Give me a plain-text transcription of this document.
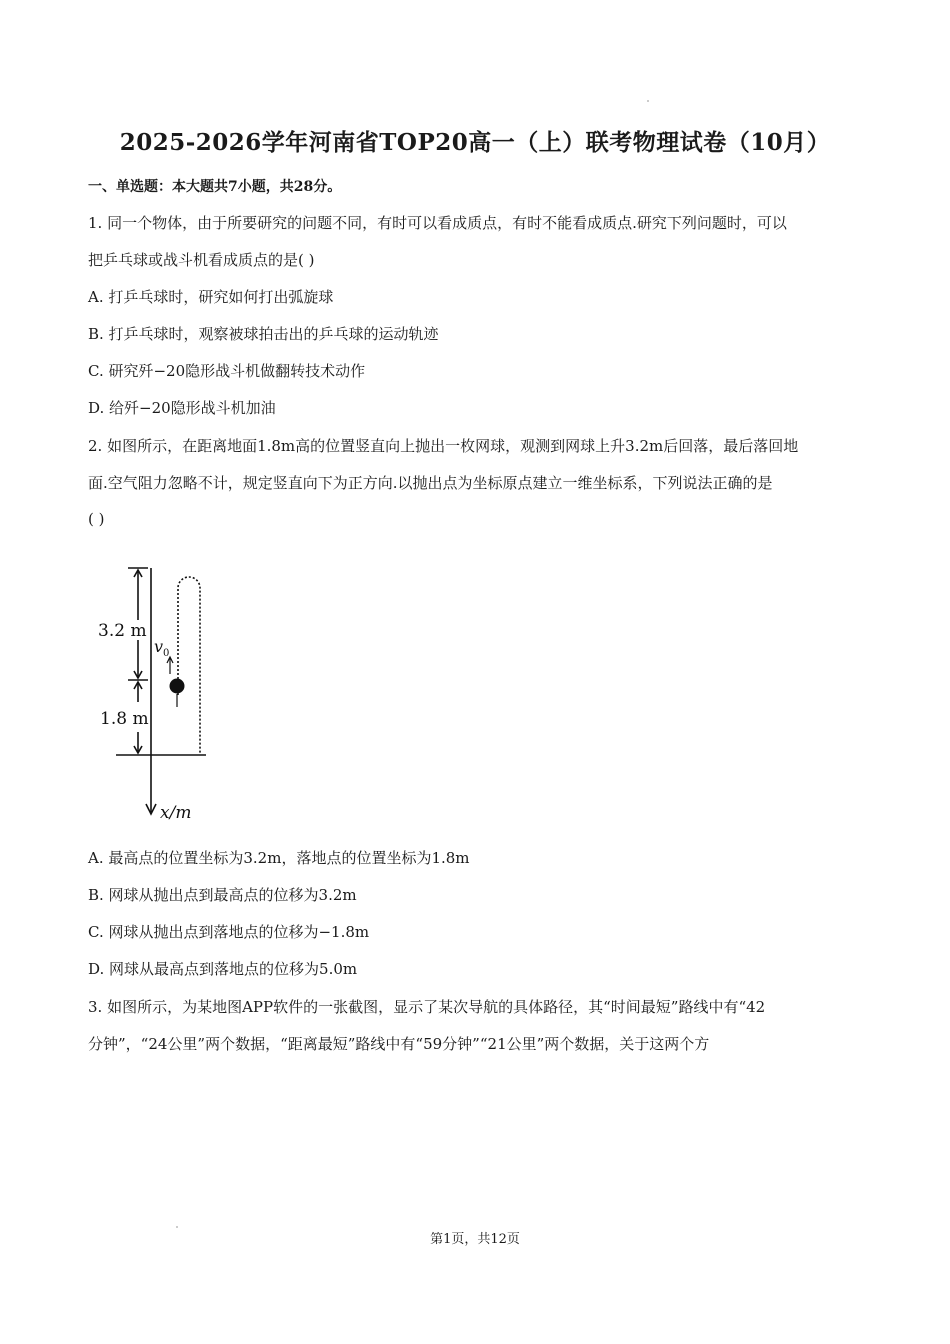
2025-2026学年河南省TOP20高一（上）联考物理试卷（10月）
一、单选题：本大题共7小题，共28分。
1. 同一个物体，由于所要研究的问题不同，有时可以看成质点，有时不能看成质点.研究下列问题时，可以
把乒乓球或战斗机看成质点的是( )
A. 打乒乓球时，研究如何打出弧旋球
B. 打乒乓球时，观察被球拍击出的乒乓球的运动轨迹
C. 研究歼−20隐形战斗机做翻转技术动作
D. 给歼−20隐形战斗机加油
2. 如图所示，在距离地面1.8m高的位置竖直向上抛出一枚网球，观测到网球上升3.2m后回落，最后落回地
面.空气阻力忽略不计，规定竖直向下为正方向.以抛出点为坐标原点建立一维坐标系，下列说法正确的是
( )
3.2 m
1.8 m
v 0
x/m
A. 最高点的位置坐标为3.2m，落地点的位置坐标为1.8m
B. 网球从抛出点到最高点的位移为3.2m
C. 网球从抛出点到落地点的位移为−1.8m
D. 网球从最高点到落地点的位移为5.0m
3. 如图所示，为某地图APP软件的一张截图，显示了某次导航的具体路径，其“时间最短”路线中有“42
分钟”，“24公里”两个数据，“距离最短”路线中有“59分钟”“21公里”两个数据，关于这两个方
第1页，共12页
